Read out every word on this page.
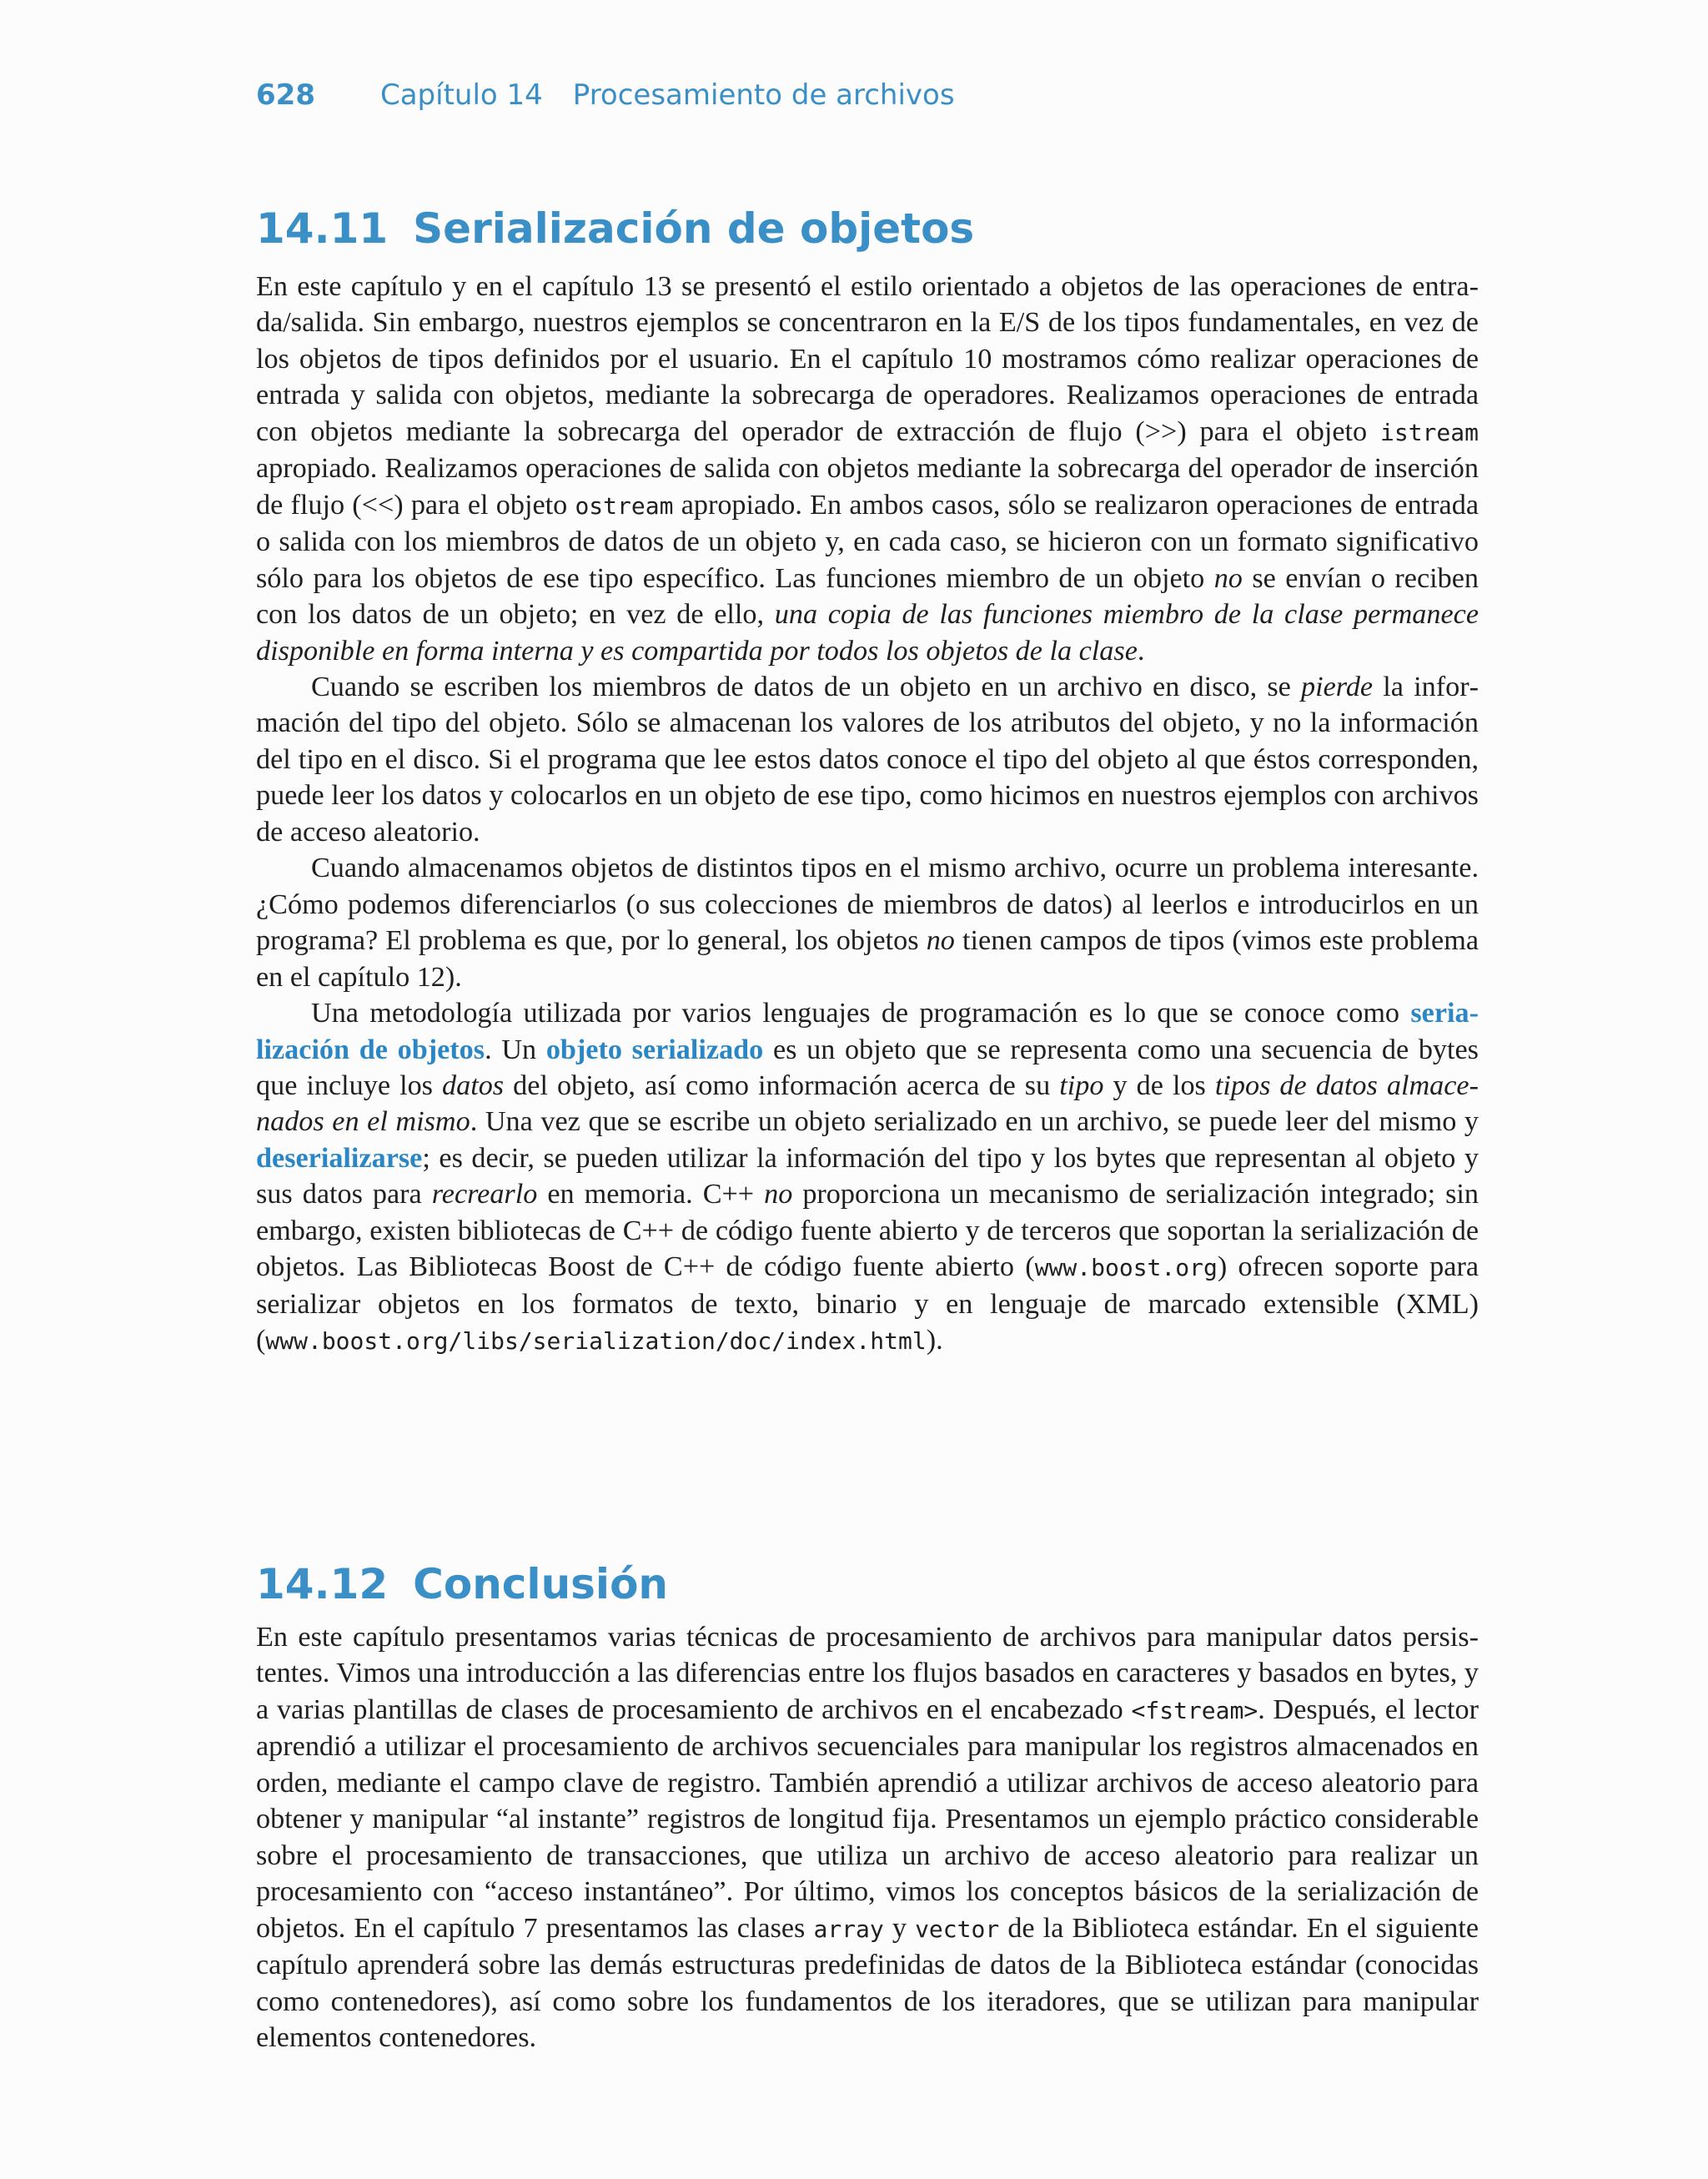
628 Capítulo 14 Procesamiento de archivos
14.11 Serialización de objetos

En este capítulo y en el capítulo 13 se presentó el estilo orientado a objetos de las operaciones de entrada/salida. Sin embargo, nuestros ejemplos se concentraron en la E/S de los tipos fundamentales, en vez de los objetos de tipos definidos por el usuario. En el capítulo 10 mostramos cómo realizar operaciones de entrada y salida con objetos, mediante la sobrecarga de operadores. Realizamos operaciones de entrada con objetos mediante la sobrecarga del operador de extracción de flujo (>>) para el objeto istream apropiado. Realizamos operaciones de salida con objetos mediante la sobrecarga del operador de inserción de flujo (<<) para el objeto ostream apropiado. En ambos casos, sólo se realizaron operaciones de entrada o salida con los miembros de datos de un objeto y, en cada caso, se hicieron con un formato significativo sólo para los objetos de ese tipo específico. Las funciones miembro de un objeto no se envían o reciben con los datos de un objeto; en vez de ello, una copia de las funciones miembro de la clase permanece disponible en forma interna y es compartida por todos los objetos de la clase.

Cuando se escriben los miembros de datos de un objeto en un archivo en disco, se pierde la información del tipo del objeto. Sólo se almacenan los valores de los atributos del objeto, y no la información del tipo en el disco. Si el programa que lee estos datos conoce el tipo del objeto al que éstos corresponden, puede leer los datos y colocarlos en un objeto de ese tipo, como hicimos en nuestros ejemplos con archivos de acceso aleatorio.

Cuando almacenamos objetos de distintos tipos en el mismo archivo, ocurre un problema interesante. ¿Cómo podemos diferenciarlos (o sus colecciones de miembros de datos) al leerlos e introducirlos en un programa? El problema es que, por lo general, los objetos no tienen campos de tipos (vimos este problema en el capítulo 12).

Una metodología utilizada por varios lenguajes de programación es lo que se conoce como serialización de objetos. Un objeto serializado es un objeto que se representa como una secuencia de bytes que incluye los datos del objeto, así como información acerca de su tipo y de los tipos de datos almacenados en el mismo. Una vez que se escribe un objeto serializado en un archivo, se puede leer del mismo y deserializarse; es decir, se pueden utilizar la información del tipo y los bytes que representan al objeto y sus datos para recrearlo en memoria. C++ no proporciona un mecanismo de serialización integrado; sin embargo, existen bibliotecas de C++ de código fuente abierto y de terceros que soportan la serialización de objetos. Las Bibliotecas Boost de C++ de código fuente abierto (www.boost.org) ofrecen soporte para serializar objetos en los formatos de texto, binario y en lenguaje de marcado extensible (XML) (www.boost.org/libs/serialization/doc/index.html).

14.12 Conclusión

En este capítulo presentamos varias técnicas de procesamiento de archivos para manipular datos persistentes. Vimos una introducción a las diferencias entre los flujos basados en caracteres y basados en bytes, y a varias plantillas de clases de procesamiento de archivos en el encabezado <fstream>. Después, el lector aprendió a utilizar el procesamiento de archivos secuenciales para manipular los registros almacenados en orden, mediante el campo clave de registro. También aprendió a utilizar archivos de acceso aleatorio para obtener y manipular “al instante” registros de longitud fija. Presentamos un ejemplo práctico considerable sobre el procesamiento de transacciones, que utiliza un archivo de acceso aleatorio para realizar un procesamiento con “acceso instantáneo”. Por último, vimos los conceptos básicos de la serialización de objetos. En el capítulo 7 presentamos las clases array y vector de la Biblioteca estándar. En el siguiente capítulo aprenderá sobre las demás estructuras predefinidas de datos de la Biblioteca estándar (conocidas como contenedores), así como sobre los fundamentos de los iteradores, que se utilizan para manipular elementos contenedores.
